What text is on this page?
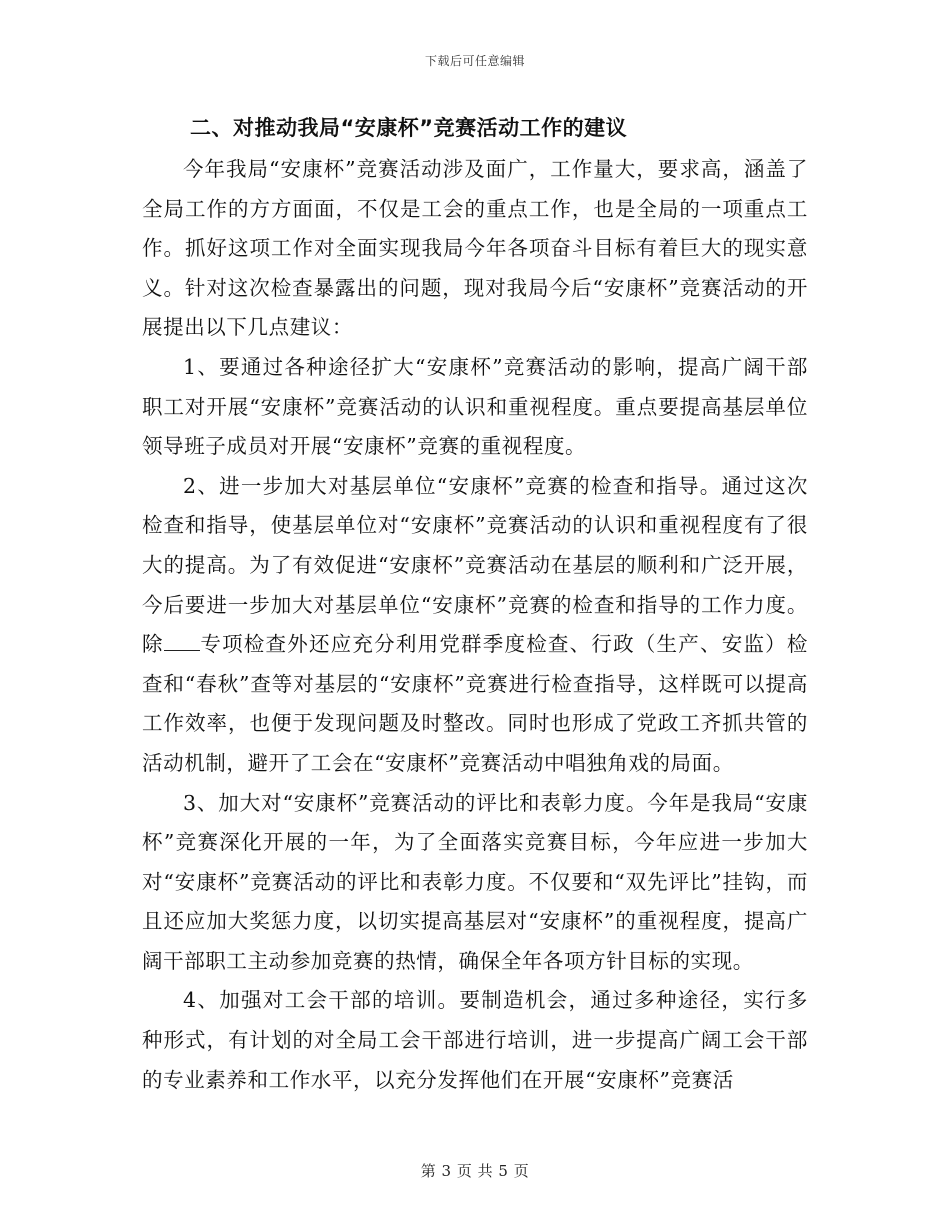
下载后可任意编辑
二、对推动我局“安康杯”竞赛活动工作的建议

今年我局“安康杯”竞赛活动涉及面广，工作量大，要求高，涵盖了全局工作的方方面面，不仅是工会的重点工作，也是全局的一项重点工作。抓好这项工作对全面实现我局今年各项奋斗目标有着巨大的现实意义。针对这次检查暴露出的问题，现对我局今后“安康杯”竞赛活动的开展提出以下几点建议：

1、要通过各种途径扩大“安康杯”竞赛活动的影响，提高广阔干部职工对开展“安康杯”竞赛活动的认识和重视程度。重点要提高基层单位领导班子成员对开展“安康杯”竞赛的重视程度。

2、进一步加大对基层单位“安康杯”竞赛的检查和指导。通过这次检查和指导，使基层单位对“安康杯”竞赛活动的认识和重视程度有了很大的提高。为了有效促进“安康杯”竞赛活动在基层的顺利和广泛开展，今后要进一步加大对基层单位“安康杯”竞赛的检查和指导的工作力度。除 专项检查外还应充分利用党群季度检查、行政（生产、安监）检查和“春秋”查等对基层的“安康杯”竞赛进行检查指导，这样既可以提高工作效率，也便于发现问题及时整改。同时也形成了党政工齐抓共管的活动机制，避开了工会在“安康杯”竞赛活动中唱独角戏的局面。

3、加大对“安康杯”竞赛活动的评比和表彰力度。今年是我局“安康杯”竞赛深化开展的一年，为了全面落实竞赛目标，今年应进一步加大对“安康杯”竞赛活动的评比和表彰力度。不仅要和“双先评比”挂钩，而且还应加大奖惩力度，以切实提高基层对“安康杯”的重视程度，提高广阔干部职工主动参加竞赛的热情，确保全年各项方针目标的实现。

4、加强对工会干部的培训。要制造机会，通过多种途径，实行多种形式，有计划的对全局工会干部进行培训，进一步提高广阔工会干部的专业素养和工作水平，以充分发挥他们在开展“安康杯”竞赛活

第 3 页 共 5 页
